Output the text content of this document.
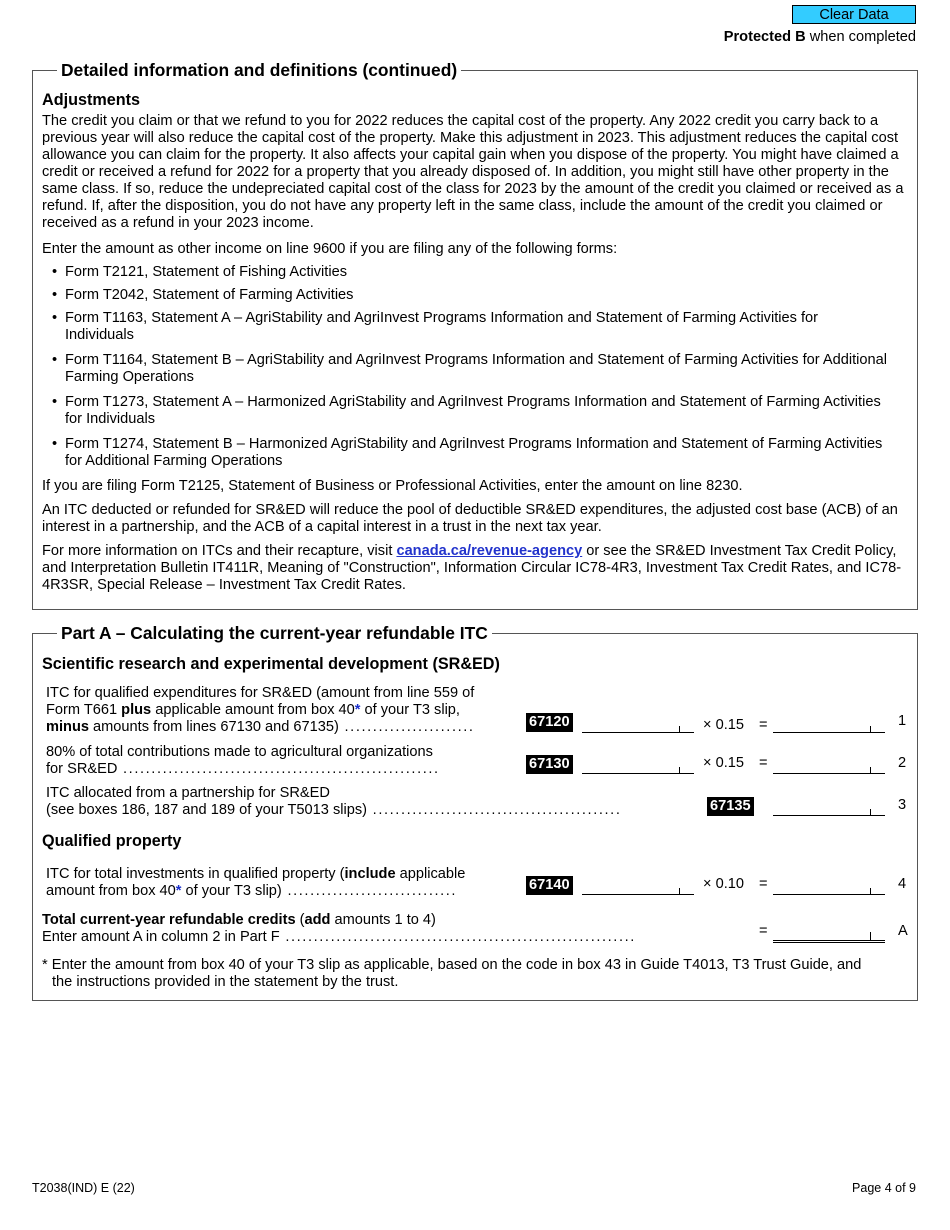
Clear Data
Protected B when completed
Detailed information and definitions (continued)
Adjustments

The credit you claim or that we refund to you for 2022 reduces the capital cost of the property. Any 2022 credit you carry back to a previous year will also reduce the capital cost of the property. Make this adjustment in 2023. This adjustment reduces the capital cost allowance you can claim for the property. It also affects your capital gain when you dispose of the property. You might have claimed a credit or received a refund for 2022 for a property that you already disposed of. In addition, you might still have other property in the same class. If so, reduce the undepreciated capital cost of the class for 2023 by the amount of the credit you claimed or received as a refund. If, after the disposition, you do not have any property left in the same class, include the amount of the credit you claimed or received as a refund in your 2023 income.

Enter the amount as other income on line 9600 if you are filing any of the following forms:

• Form T2121, Statement of Fishing Activities
• Form T2042, Statement of Farming Activities
• Form T1163, Statement A – AgriStability and AgriInvest Programs Information and Statement of Farming Activities for Individuals
• Form T1164, Statement B – AgriStability and AgriInvest Programs Information and Statement of Farming Activities for Additional Farming Operations
• Form T1273, Statement A – Harmonized AgriStability and AgriInvest Programs Information and Statement of Farming Activities for Individuals
• Form T1274, Statement B – Harmonized AgriStability and AgriInvest Programs Information and Statement of Farming Activities for Additional Farming Operations

If you are filing Form T2125, Statement of Business or Professional Activities, enter the amount on line 8230.

An ITC deducted or refunded for SR&ED will reduce the pool of deductible SR&ED expenditures, the adjusted cost base (ACB) of an interest in a partnership, and the ACB of a capital interest in a trust in the next tax year.

For more information on ITCs and their recapture, visit canada.ca/revenue-agency or see the SR&ED Investment Tax Credit Policy, and Interpretation Bulletin IT411R, Meaning of "Construction", Information Circular IC78-4R3, Investment Tax Credit Rates, and IC78-4R3SR, Special Release – Investment Tax Credit Rates.

Part A – Calculating the current-year refundable ITC
Scientific research and experimental development (SR&ED)
ITC for qualified expenditures for SR&ED (amount from line 559 of
Form T661 plus applicable amount from box 40* of your T3 slip,
minus amounts from lines 67130 and 67135) .......................	67120	× 0.15 =	1
80% of total contributions made to agricultural organizations
for SR&ED ........................................................	67130	× 0.15 =	2
ITC allocated from a partnership for SR&ED
(see boxes 186, 187 and 189 of your T5013 slips) ............................................	67135	3
Qualified property
ITC for total investments in qualified property (include applicable
amount from box 40* of your T3 slip) ..............................	67140	× 0.10 =	4
Total current-year refundable credits (add amounts 1 to 4)
Enter amount A in column 2 in Part F ..............................................................	=	A
* Enter the amount from box 40 of your T3 slip as applicable, based on the code in box 43 in Guide T4013, T3 Trust Guide, and
the instructions provided in the statement by the trust.
T2038(IND) E (22)	Page 4 of 9
